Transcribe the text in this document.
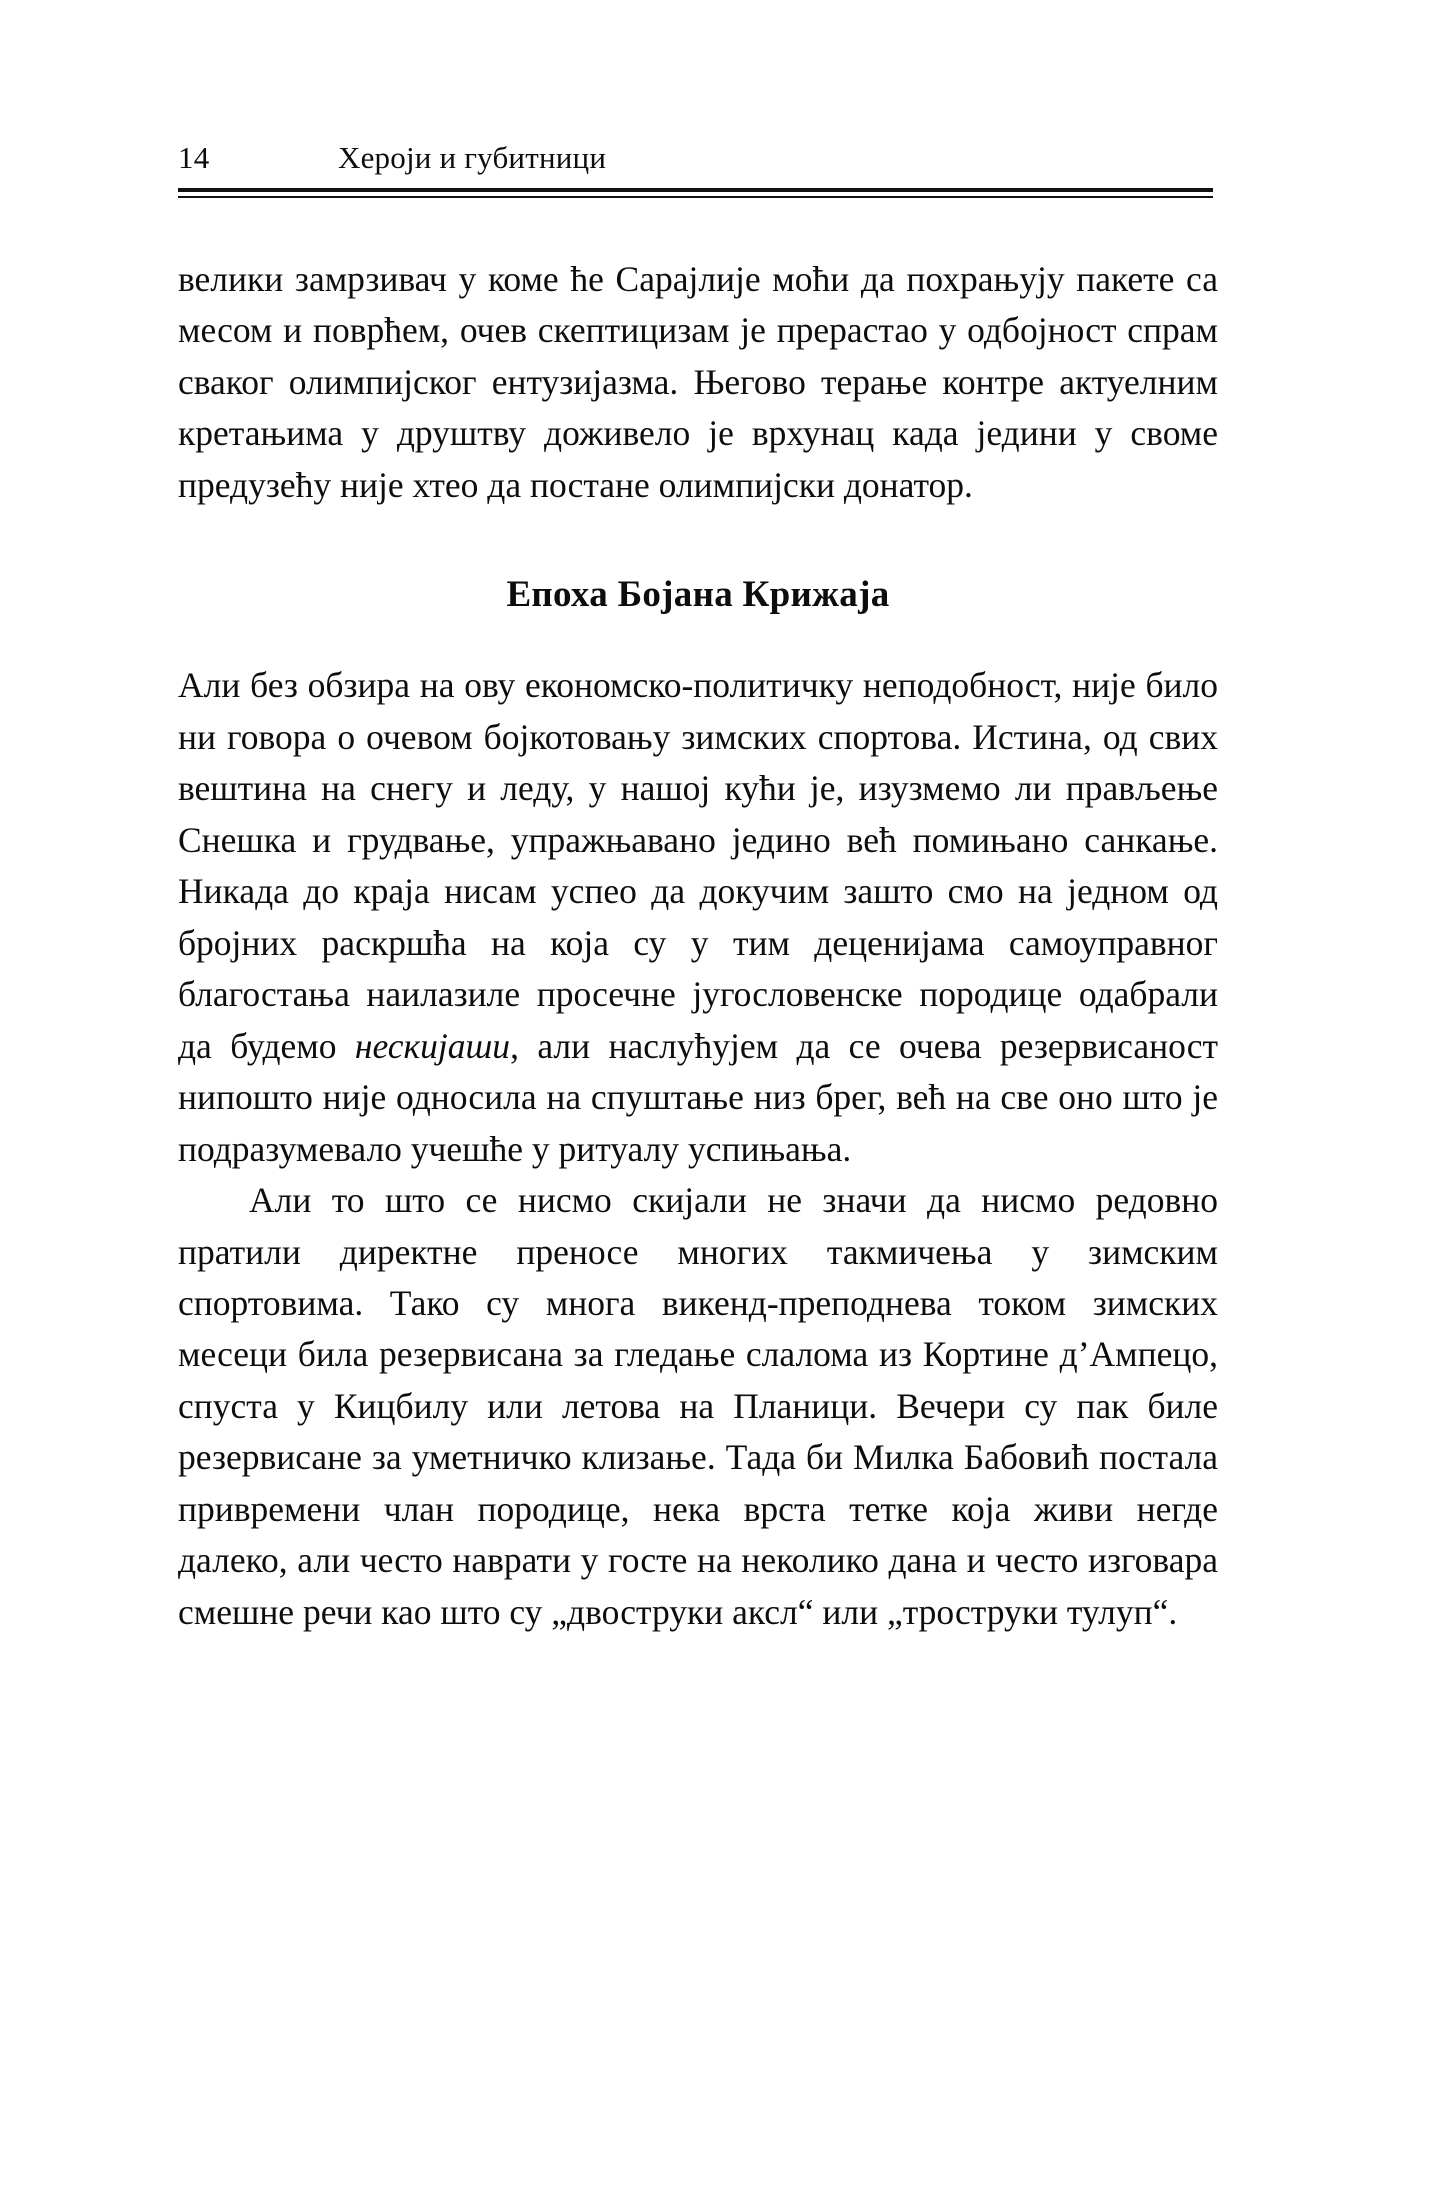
14	Хероји и губитници

велики замрзивач у коме ће Сарајлије моћи да похрањују пакете са месом и поврћем, очев скептицизам је прерастао у одбојност спрам сваког олимпијског ентузијазма. Његово терање контре актуелним кретањима у друштву доживело је врхунац када једини у своме предузећу није хтео да постане олимпијски донатор.

Епоха Бојана Крижаја

Али без обзира на ову економско-политичку неподобност, није било ни говора о очевом бојкотовању зимских спортова. Истина, од свих вештина на снегу и леду, у нашој кући је, изузмемо ли прављење Снешка и грудвање, упражњавано једино већ помињано санкање. Никада до краја нисам успео да докучим зашто смо на једном од бројних раскршћа на која су у тим деценијама самоуправног благостања наилазиле просечне југословенске породице одабрали да будемо нескијаши, али наслућујем да се очева резервисаност нипошто није односила на спуштање низ брег, већ на све оно што је подразумевало учешће у ритуалу успињања.

Али то што се нисмо скијали не значи да нисмо редовно пратили директне преносе многих такмичења у зимским спортовима. Тако су многа викенд-преподнева током зимских месеци била резервисана за гледање слалома из Кортине д’Ампецо, спуста у Кицбилу или летова на Планици. Вечери су пак биле резервисане за уметничко клизање. Тада би Милка Бабовић постала привремени члан породице, нека врста тетке која живи негде далеко, али често наврати у госте на неколико дана и често изговара смешне речи као што су „двоструки аксл“ или „троструки тулуп“.
